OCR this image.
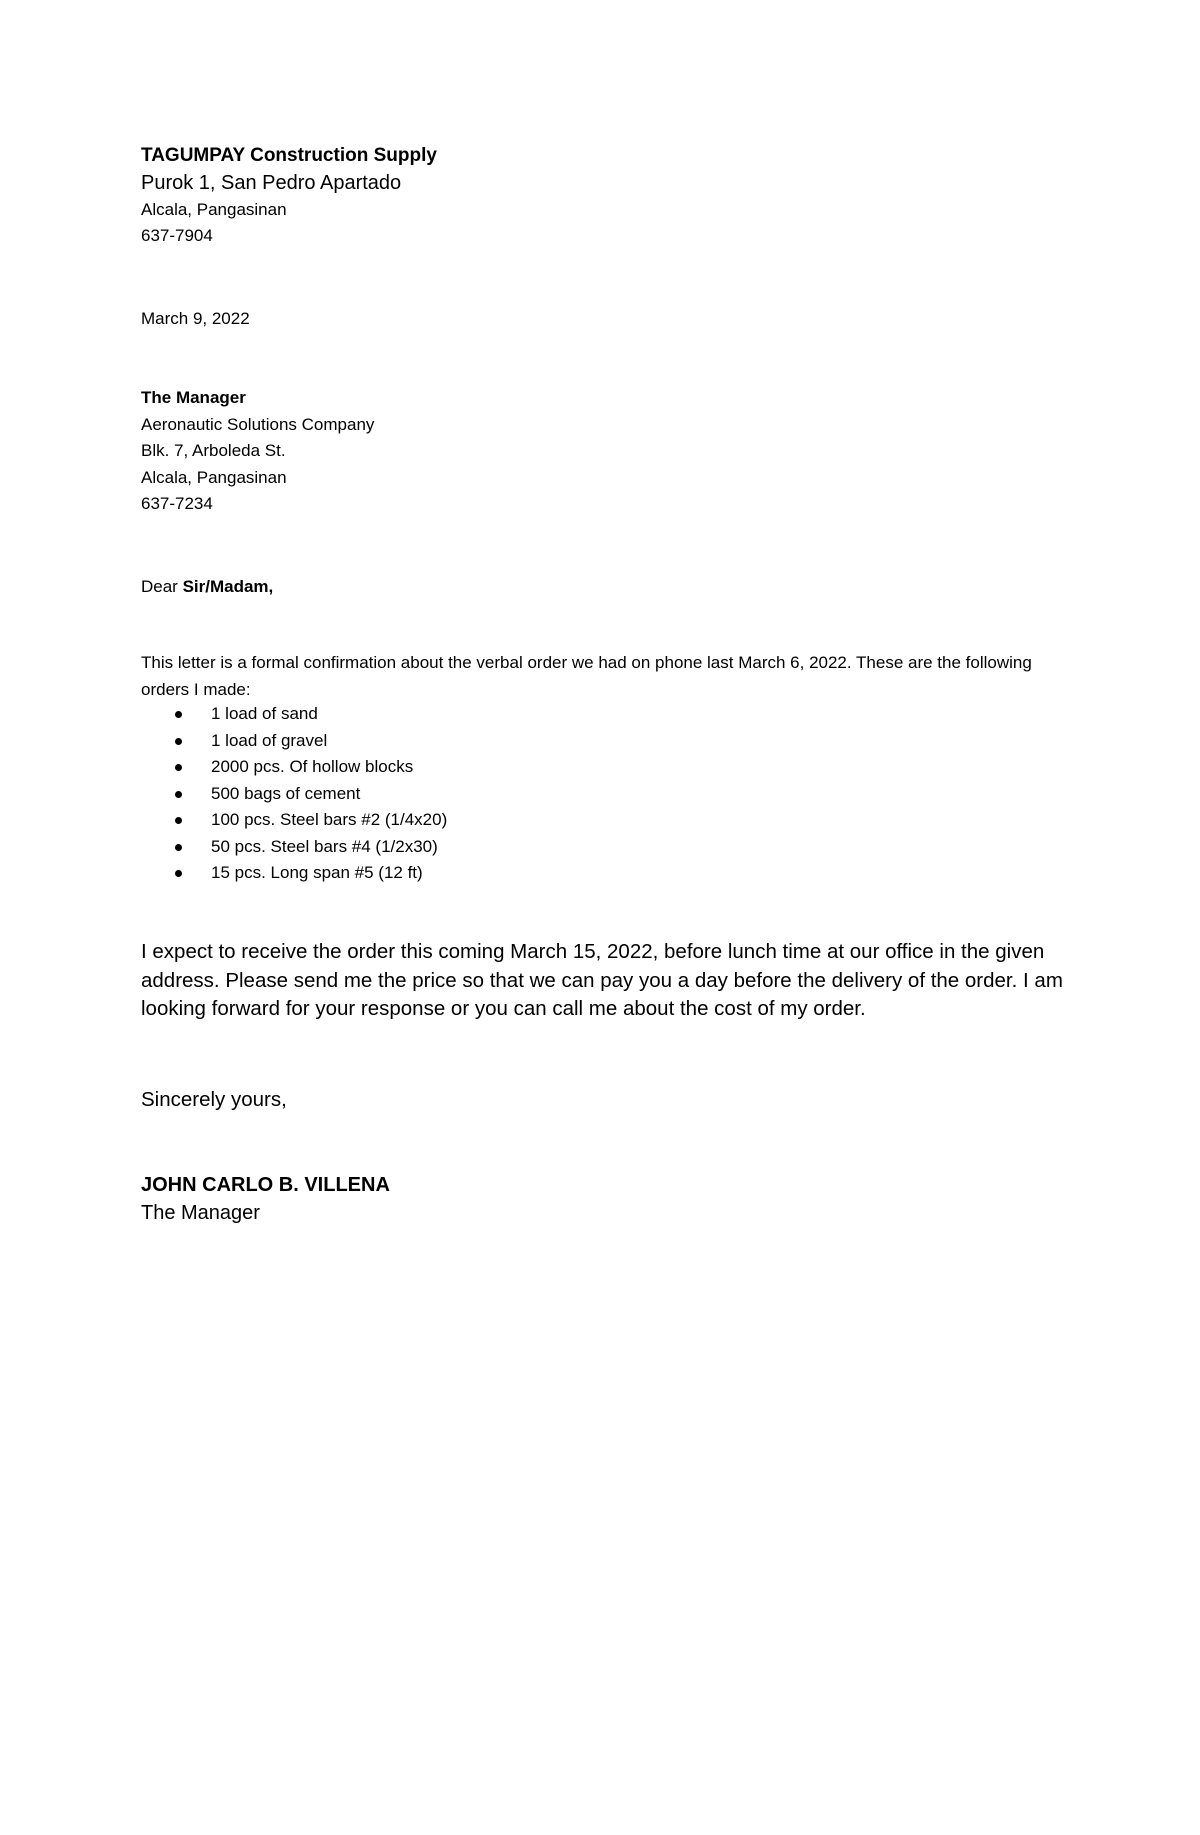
TAGUMPAY Construction Supply
Purok 1, San Pedro Apartado
Alcala, Pangasinan
637-7904
March 9, 2022
The Manager
Aeronautic Solutions Company
Blk. 7, Arboleda St.
Alcala, Pangasinan
637-7234
Dear Sir/Madam,
This letter is a formal confirmation about the verbal order we had on phone last March 6, 2022. These are the following orders I made:
1 load of sand
1 load of gravel
2000 pcs. Of hollow blocks
500 bags of cement
100 pcs. Steel bars #2 (1/4x20)
50 pcs. Steel bars #4 (1/2x30)
15 pcs. Long span #5 (12 ft)
I expect to receive the order this coming March 15, 2022, before lunch time at our office in the given address. Please send me the price so that we can pay you a day before the delivery of the order. I am looking forward for your response or you can call me about the cost of my order.
Sincerely yours,
JOHN CARLO B. VILLENA
The Manager
